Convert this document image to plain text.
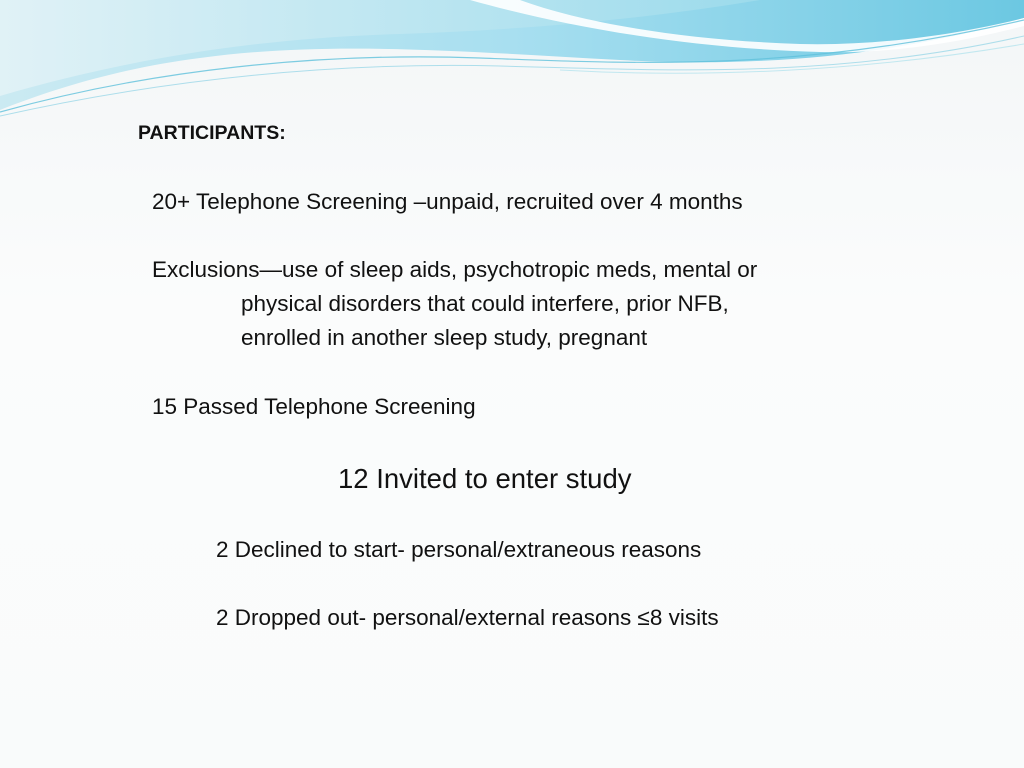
PARTICIPANTS:

20+ Telephone Screening –unpaid, recruited over 4 months

Exclusions—use of sleep aids, psychotropic meds, mental or

physical disorders that could interfere, prior NFB,

enrolled in another sleep study, pregnant

15 Passed Telephone Screening

12 Invited to enter study

2 Declined to start- personal/extraneous reasons

2 Dropped out- personal/external reasons ≤8 visits
